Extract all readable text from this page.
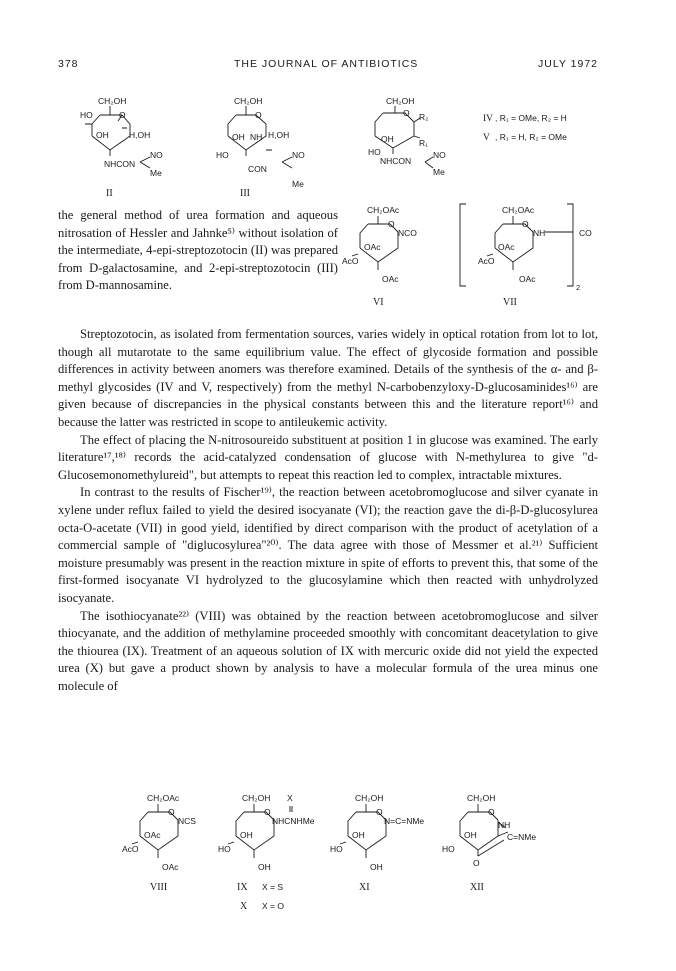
378	THE JOURNAL OF ANTIBIOTICS	JULY 1972
CH₂OH
HO	O
OH H,OH
NHCON
NO
Me
II
CH₂OH
O
HO
OH NH H,OH
CON
NO
Me
III
CH₂OH
O R₂
OH
HO
R₁
NHCON
NO
Me
IV , R₁ = OMe, R₂ = H
V , R₁ = H, R₂ = OMe
CH₂OAc
O
NCO
OAc
AcO
OAc
VI
CH₂OAc
O
NH	CO
OAc
AcO
OAc
2
VII
CH₂OAc
O
NCS
OAc
AcO
OAc
VIII
CH₂OH X
O
NHCNHMe
OH
HO
OH
IX X = S
X X = O
CH₂OH
O
N=C=NMe
OH
HO
OH
XI
CH₂OH
O
NH
OH
HO
C=NMe
O
XII

the general method of urea formation and aqueous nitrosation of Hessler and Jahnke⁵⁾ without isolation of the intermediate, 4-epi-streptozotocin (II) was prepared from D-galactosamine, and 2-epi-streptozotocin (III) from D-mannosamine.

Streptozotocin, as isolated from fermentation sources, varies widely in optical rotation from lot to lot, though all mutarotate to the same equilibrium value. The effect of glycoside formation and possible differences in activity between anomers was therefore examined. Details of the synthesis of the α- and β-methyl glycosides (IV and V, respectively) from the methyl N-carbobenzyloxy-D-glucosaminides¹⁶⁾ are given because of discrepancies in the physical constants between this and the literature report¹⁶⁾ and because the latter was restricted in scope to antileukemic activity.

The effect of placing the N-nitrosoureido substituent at position 1 in glucose was examined. The early literature¹⁷,¹⁸⁾ records the acid-catalyzed condensation of glucose with N-methylurea to give "d-Glucosemonomethylureid", but attempts to repeat this reaction led to complex, intractable mixtures.

In contrast to the results of Fischer¹⁹⁾, the reaction between acetobromoglucose and silver cyanate in xylene under reflux failed to yield the desired isocyanate (VI); the reaction gave the di-β-D-glucosylurea octa-O-acetate (VII) in good yield, identified by direct comparison with the product of acetylation of a commercial sample of "diglucosylurea"²⁰⁾. The data agree with those of Messmer et al.²¹⁾ Sufficient moisture presumably was present in the reaction mixture in spite of efforts to prevent this, that some of the first-formed isocyanate VI hydrolyzed to the glucosylamine which then reacted with unhydrolyzed isocyanate.

The isothiocyanate²²⁾ (VIII) was obtained by the reaction between acetobromoglucose and silver thiocyanate, and the addition of methylamine proceeded smoothly with concomitant deacetylation to give the thiourea (IX). Treatment of an aqueous solution of IX with mercuric oxide did not yield the expected urea (X) but gave a product shown by analysis to have a molecular formula of the urea minus one molecule of
